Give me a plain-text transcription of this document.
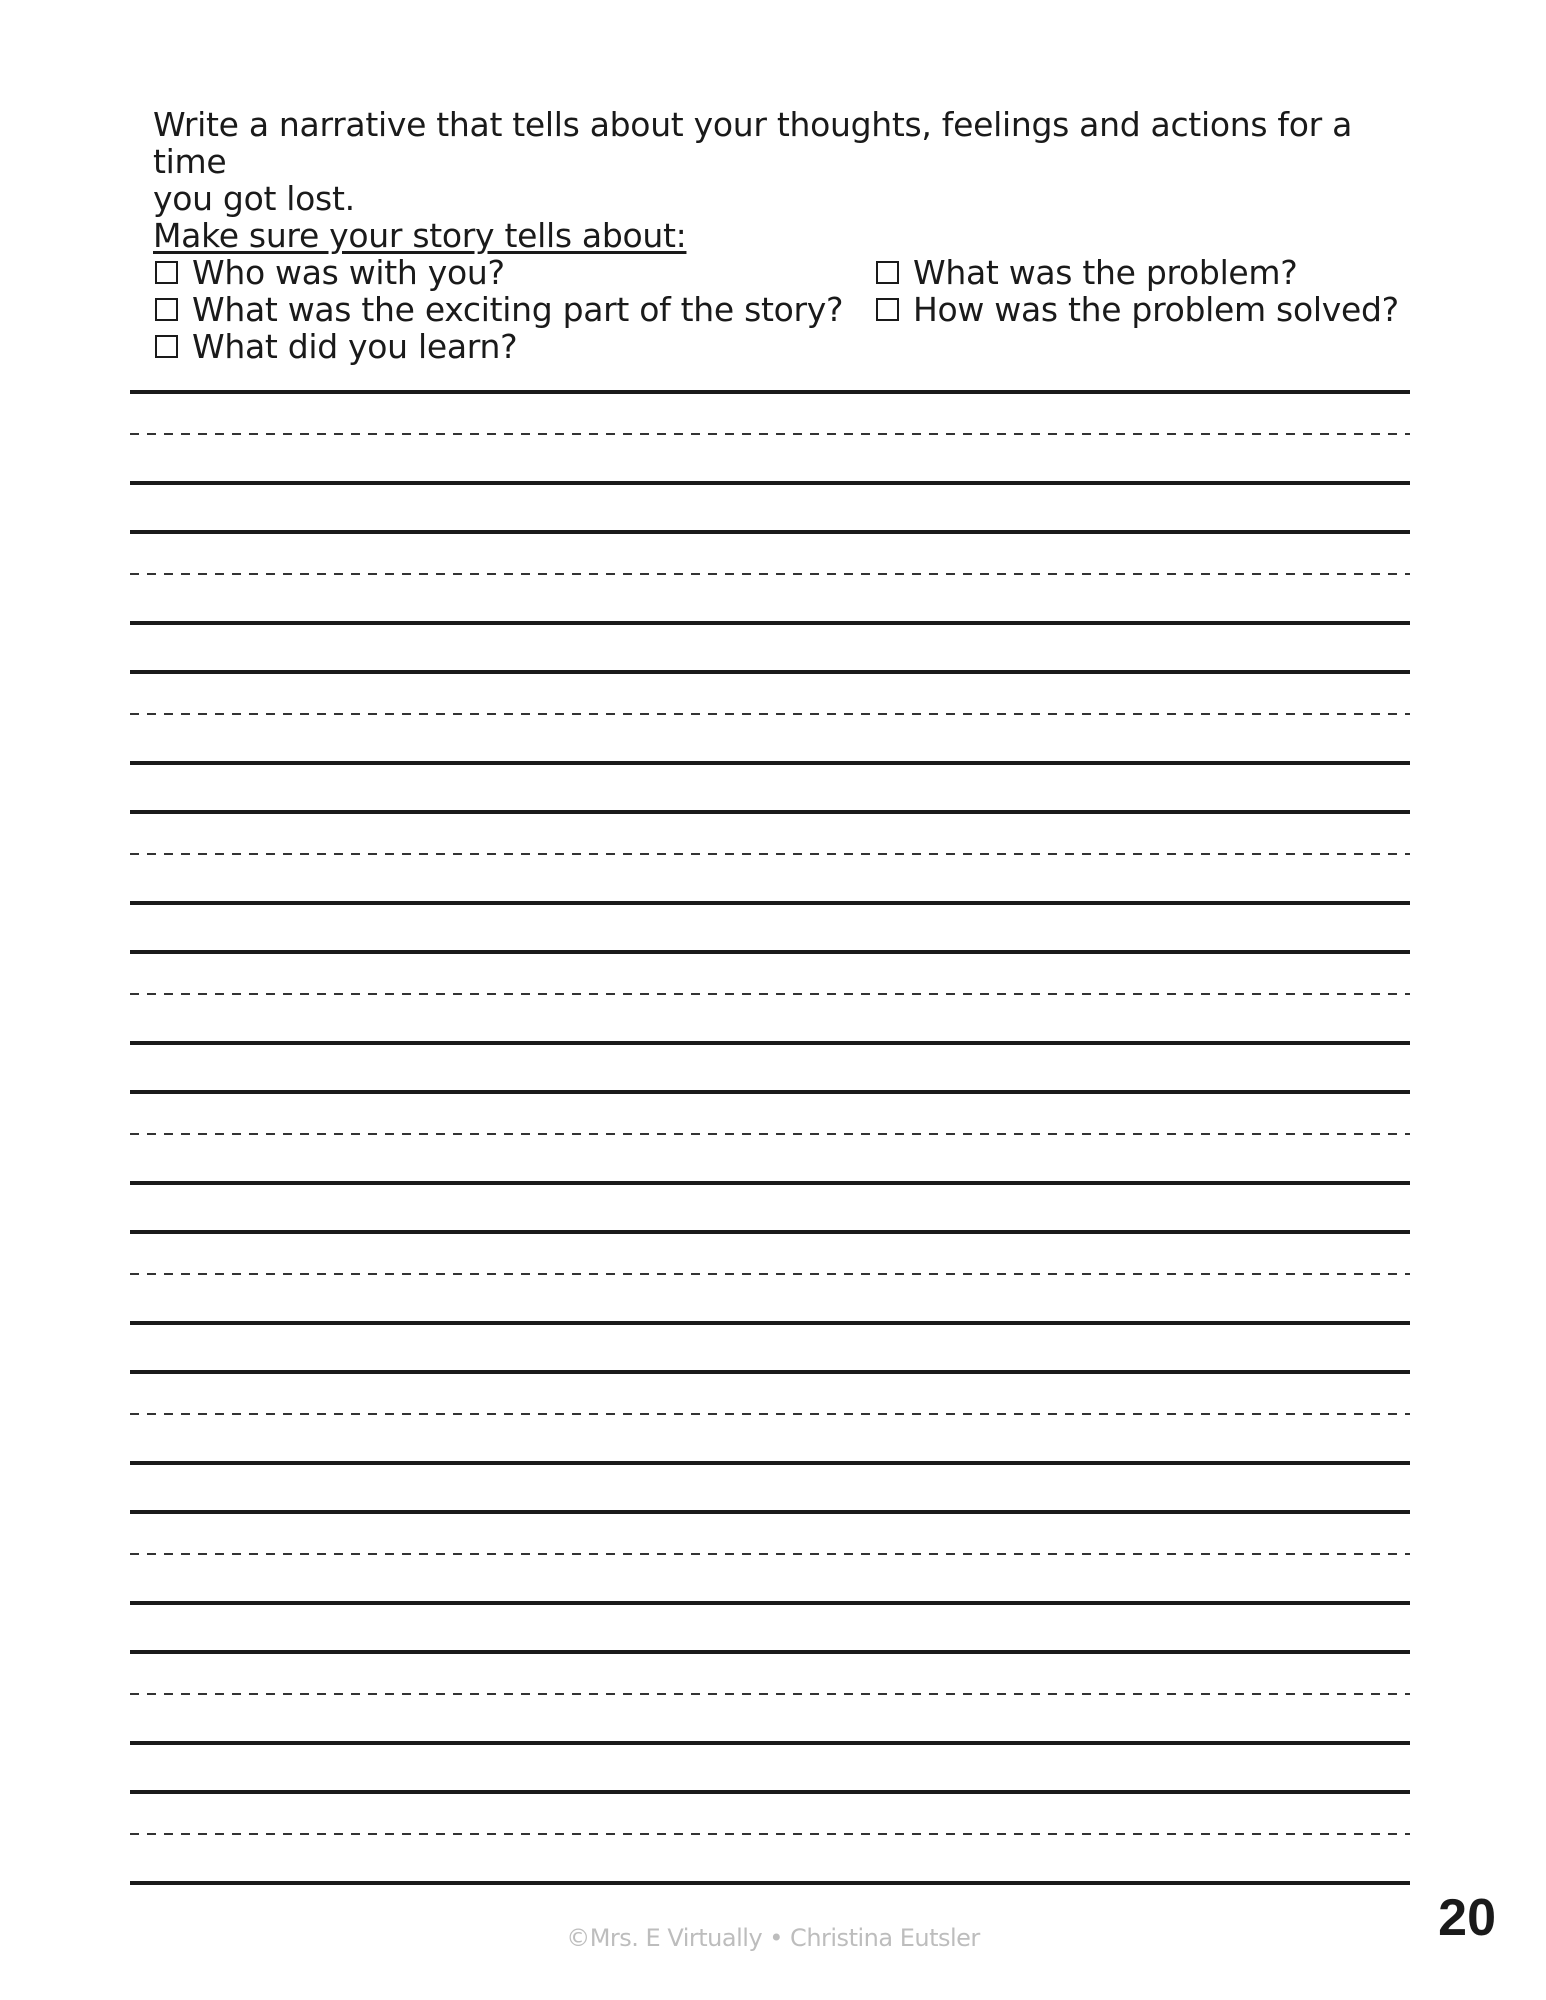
Write a narrative that tells about your thoughts, feelings and actions for a time

you got lost.

Make sure your story tells about:

Who was with you?	What was the problem?
What was the exciting part of the story? How was the problem solved?
What did you learn?
©Mrs. E Virtually • Christina Eutsler	20
